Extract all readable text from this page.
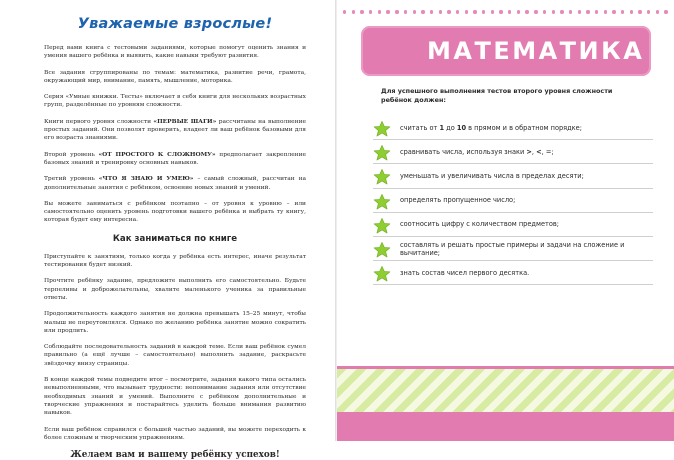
Уважаемые взрослые!

Перед вами книга с тестовыми заданиями, которые помогут оценить знания и умения вашего ребёнка и выявить, какие навыки требуют развития.

Все задания сгруппированы по темам: математика, развитие речи, грамота, окружающий мир, внимание, память, мышление, моторика.

Серия «Умные книжки. Тесты» включает в себя книги для нескольких возрастных групп, разделённые по уровням сложности.

Книги первого уровня сложности «ПЕРВЫЕ ШАГИ» рассчитаны на выполнение простых заданий. Они позволят проверить, владеет ли ваш ребёнок базовыми для его возраста знаниями.

Второй уровень «ОТ ПРОСТОГО К СЛОЖНОМУ» предполагает закрепление базовых знаний и тренировку основных навыков.

Третий уровень «ЧТО Я ЗНАЮ И УМЕЮ» – самый сложный, рассчитан на дополнительные занятия с ребёнком, освоение новых знаний и умений.

Вы можете заниматься с ребёнком поэтапно – от уровня к уровню – или самостоятельно оценить уровень подготовки вашего ребёнка и выбрать ту книгу, которая будет ему интересна.

Как заниматься по книге

Приступайте к занятиям, только когда у ребёнка есть интерес, иначе результат тестирования будет низкий.

Прочтите ребёнку задание, предложите выполнить его самостоятельно. Будьте терпеливы и доброжелательны, хвалите маленького ученика за правильные ответы.

Продолжительность каждого занятия не должна превышать 15–25 минут, чтобы малыш не переутомлялся. Однако по желанию ребёнка занятие можно сократить или продлить.

Соблюдайте последовательность заданий в каждой теме. Если ваш ребёнок сумел правильно (а ещё лучше – самостоятельно) выполнить задание, раскрасьте звёздочку внизу страницы.

В конце каждой темы подведите итог – посмотрите, задания какого типа остались невыполненными, что вызывает трудности: непонимание задания или отсутствие необходимых знаний и умений. Выполните с ребёнком дополнительные и творческие упражнения и постарайтесь уделить больше внимания развитию навыков.

Если ваш ребёнок справился с большей частью заданий, вы можете переходить к более сложным и творческим упражнениям.

Желаем вам и вашему ребёнку успехов!

МАТЕМАТИКА

Для успешного выполнения тестов второго уровня сложности ребёнок должен:

считать от 1 до 10 в прямом и в обратном порядке;
сравнивать числа, используя знаки >, <, =;
уменьшать и увеличивать числа в пределах десяти;
определять пропущенное число;
соотносить цифру с количеством предметов;
составлять и решать простые примеры и задачи на сложение и вычитание;
знать состав чисел первого десятка.
